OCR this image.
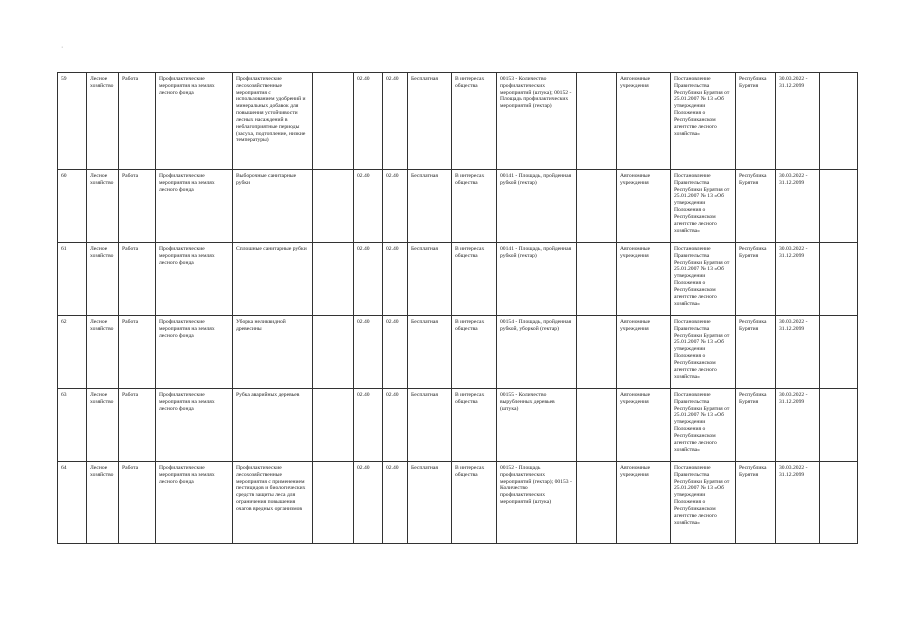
·
59	Лесное хозяйство	Работа	Профилактические мероприятия на землях лесного фонда	Профилактические лесохозяйственные мероприятия с использованием удобрений и минеральных добавок для повышения устойчивости лесных насаждений в неблагоприятные периоды (засуха, подтопление, низкие температуры)		02.40	02.40	Бесплатная	В интересах общества	00153 - Количество профилактических мероприятий (штука); 00152 - Площадь профилактических мероприятий (гектар)		Автономные учреждения	Постановление Правительства Республики Бурятия от 25.01.2007 № 13 «Об утверждении Положения о Республиканском агентстве лесного хозяйства»	Республика Бурятия	30.03.2022 - 31.12.2099	

60	Лесное хозяйство	Работа	Профилактические мероприятия на землях лесного фонда	Выборочные санитарные рубки		02.40	02.40	Бесплатная	В интересах общества	00141 - Площадь, пройденная рубкой (гектар)		Автономные учреждения	Постановление Правительства Республики Бурятия от 25.01.2007 № 13 «Об утверждении Положения о Республиканском агентстве лесного хозяйства»	Республика Бурятия	30.03.2022 - 31.12.2099	

61	Лесное хозяйство	Работа	Профилактические мероприятия на землях лесного фонда	Сплошные санитарные рубки		02.40	02.40	Бесплатная	В интересах общества	00141 - Площадь, пройденная рубкой (гектар)		Автономные учреждения	Постановление Правительства Республики Бурятия от 25.01.2007 № 13 «Об утверждении Положения о Республиканском агентстве лесного хозяйства»	Республика Бурятия	30.03.2022 - 31.12.2099	

62	Лесное хозяйство	Работа	Профилактические мероприятия на землях лесного фонда	Уборка неликвидной древесины		02.40	02.40	Бесплатная	В интересах общества	00154 - Площадь, пройденная рубкой, уборкой (гектар)		Автономные учреждения	Постановление Правительства Республики Бурятия от 25.01.2007 № 13 «Об утверждении Положения о Республиканском агентстве лесного хозяйства»	Республика Бурятия	30.03.2022 - 31.12.2099	

63	Лесное хозяйство	Работа	Профилактические мероприятия на землях лесного фонда	Рубка аварийных деревьев		02.40	02.40	Бесплатная	В интересах общества	00155 - Количество вырубленных деревьев (штука)		Автономные учреждения	Постановление Правительства Республики Бурятия от 25.01.2007 № 13 «Об утверждении Положения о Республиканском агентстве лесного хозяйства»	Республика Бурятия	30.03.2022 - 31.12.2099	

64	Лесное хозяйство	Работа	Профилактические мероприятия на землях лесного фонда	Профилактические лесохозяйственные мероприятия с применением пестицидов и биологических средств защиты леса для ограничения повышения очагов вредных организмов		02.40	02.40	Бесплатная	В интересах общества	00152 - Площадь профилактических мероприятий (гектар); 00153 - Количество профилактических мероприятий (штука)		Автономные учреждения	Постановление Правительства Республики Бурятия от 25.01.2007 № 13 «Об утверждении Положения о Республиканском агентстве лесного хозяйства»	Республика Бурятия	30.03.2022 - 31.12.2099	
